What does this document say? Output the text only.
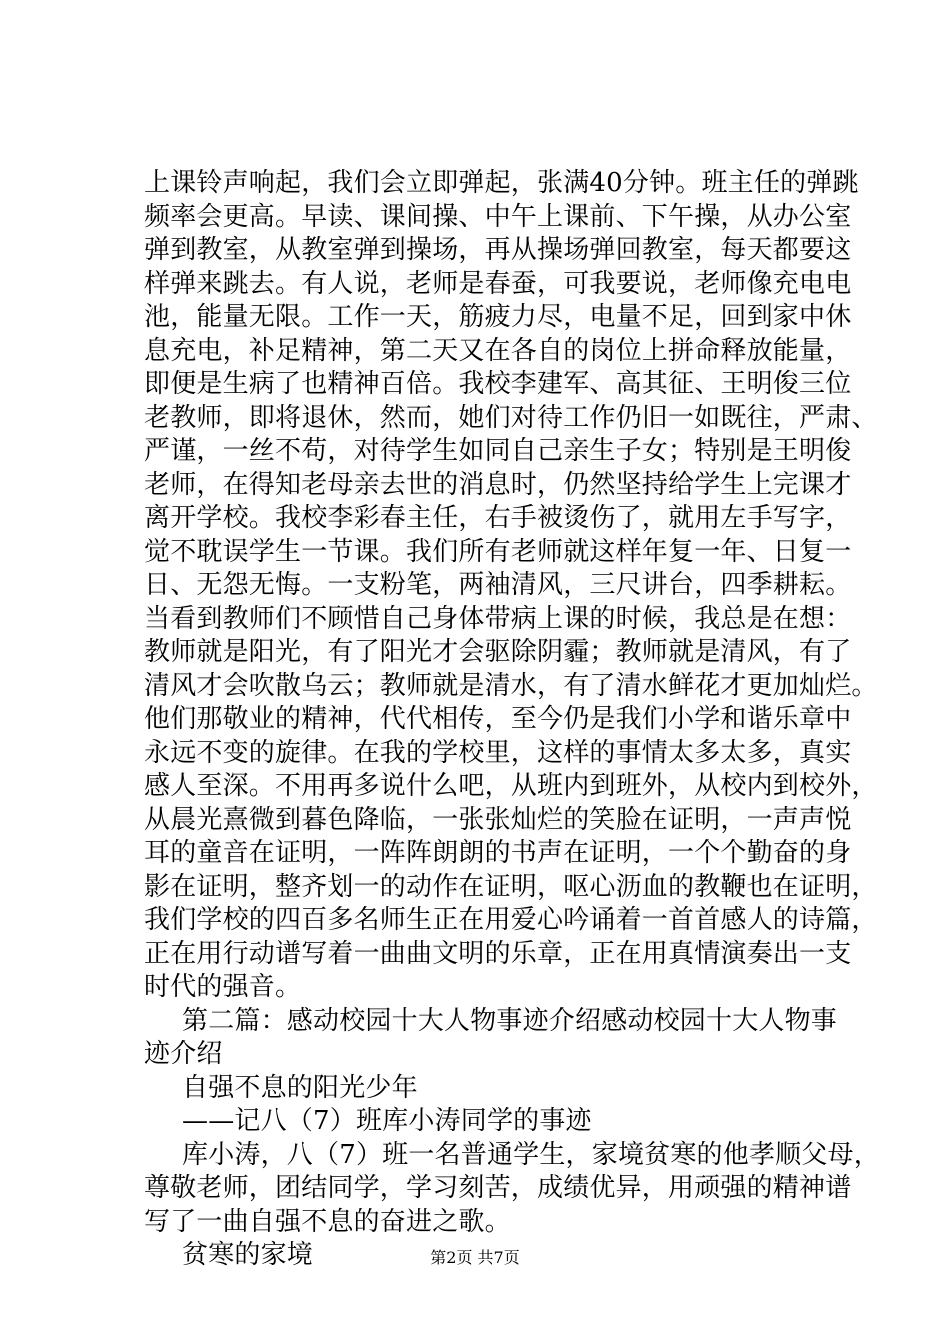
上课铃声响起，我们会立即弹起，张满40分钟。班主任的弹跳
频率会更高。早读、课间操、中午上课前、下午操，从办公室
弹到教室，从教室弹到操场，再从操场弹回教室，每天都要这
样弹来跳去。有人说，老师是春蚕，可我要说，老师像充电电
池，能量无限。工作一天，筋疲力尽，电量不足，回到家中休
息充电，补足精神，第二天又在各自的岗位上拼命释放能量，
即便是生病了也精神百倍。我校李建军、高其征、王明俊三位
老教师，即将退休，然而，她们对待工作仍旧一如既往，严肃、
严谨，一丝不苟，对待学生如同自己亲生子女；特别是王明俊
老师，在得知老母亲去世的消息时，仍然坚持给学生上完课才
离开学校。我校李彩春主任，右手被烫伤了，就用左手写字，
觉不耽误学生一节课。我们所有老师就这样年复一年、日复一
日、无怨无悔。一支粉笔，两袖清风，三尺讲台，四季耕耘。
当看到教师们不顾惜自己身体带病上课的时候，我总是在想：
教师就是阳光，有了阳光才会驱除阴霾；教师就是清风，有了
清风才会吹散乌云；教师就是清水，有了清水鲜花才更加灿烂。
他们那敬业的精神，代代相传，至今仍是我们小学和谐乐章中
永远不变的旋律。在我的学校里，这样的事情太多太多，真实
感人至深。不用再多说什么吧，从班内到班外，从校内到校外，
从晨光熹微到暮色降临，一张张灿烂的笑脸在证明，一声声悦
耳的童音在证明，一阵阵朗朗的书声在证明，一个个勤奋的身
影在证明，整齐划一的动作在证明，呕心沥血的教鞭也在证明，
我们学校的四百多名师生正在用爱心吟诵着一首首感人的诗篇，
正在用行动谱写着一曲曲文明的乐章，正在用真情演奏出一支
时代的强音。
第二篇：感动校园十大人物事迹介绍感动校园十大人物事
迹介绍
自强不息的阳光少年
——记八（7）班库小涛同学的事迹
库小涛，八（7）班一名普通学生，家境贫寒的他孝顺父母，
尊敬老师，团结同学，学习刻苦，成绩优异，用顽强的精神谱
写了一曲自强不息的奋进之歌。
贫寒的家境	第2页 共7页
